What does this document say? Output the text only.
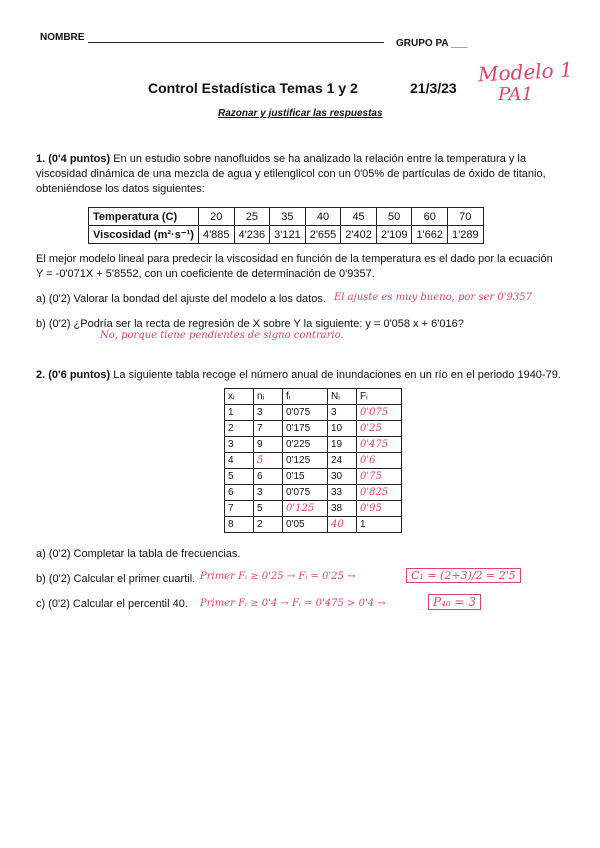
NOMBRE
GRUPO PA ___
Modelo 1
PA1
Control Estadística Temas 1 y 2	21/3/23
Razonar y justificar las respuestas
1. (0'4 puntos) En un estudio sobre nanofluidos se ha analizado la relación entre la temperatura y la viscosidad dinámica de una mezcla de agua y etilenglicol con un 0'05% de partículas de óxido de titanio, obteniéndose los datos siguientes:
Temperatura (C)	20	25	35	40	45	50	60	70
Viscosidad (m²·s⁻¹)	4'885	4'236	3'121	2'655	2'402	2'109	1'662	1'289
El mejor modelo lineal para predecir la viscosidad en función de la temperatura es el dado por la ecuación Y = -0'071X + 5'8552, con un coeficiente de determinación de 0'9357.
a) (0'2) Valorar la bondad del ajuste del modelo a los datos. El ajuste es muy bueno, por ser 0'9357
b) (0'2) ¿Podría ser la recta de regresión de X sobre Y la siguiente: y = 0'058 x + 6'016?
No, porque tiene pendientes de signo contrario.
2. (0'6 puntos) La siguiente tabla recoge el número anual de inundaciones en un río en el periodo 1940-79.
xᵢ	nᵢ	fᵢ	Nᵢ	Fᵢ
1	3	0'075	3	0'075
2	7	0'175	10	0'25
3	9	0'225	19	0'475
4	5	0'125	24	0'6
5	6	0'15	30	0'75
6	3	0'075	33	0'825
7	5	0'125	38	0'95
8	2	0'05	40	1
a) (0'2) Completar la tabla de frecuencias.
b) (0'2) Calcular el primer cuartil. Primer Fᵢ ≥ 0'25 → Fᵢ = 0'25 →	C₁ = (2+3)/2 = 2'5
c) (0'2) Calcular el percentil 40. Primer Fᵢ ≥ 0'4 → Fᵢ = 0'475 > 0'4 →	P₄₀ = 3
